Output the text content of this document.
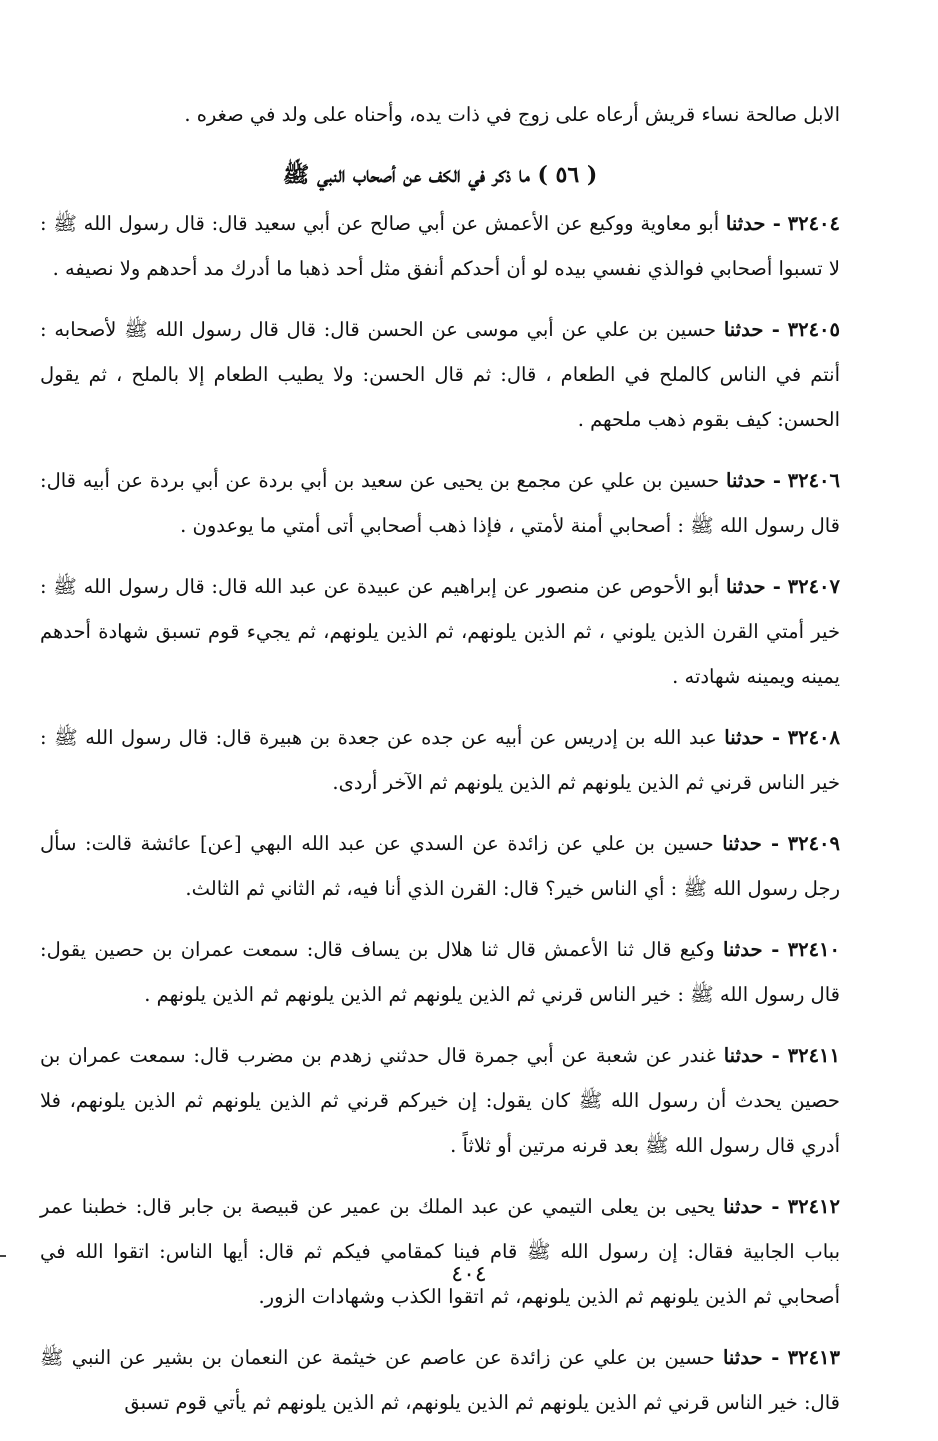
الابل صالحة نساء قريش أرعاه على زوج في ذات يده، وأحناه على ولد في صغره .

( ٥٦ ) ما ذكر في الكف عن أصحاب النبي ﷺ

٣٢٤٠٤ - حدثنا أبو معاوية ووكيع عن الأعمش عن أبي صالح عن أبي سعيد قال: قال رسول الله ﷺ : لا تسبوا أصحابي فوالذي نفسي بيده لو أن أحدكم أنفق مثل أحد ذهبا ما أدرك مد أحدهم ولا نصيفه .

٣٢٤٠٥ - حدثنا حسين بن علي عن أبي موسى عن الحسن قال: قال قال رسول الله ﷺ لأصحابه : أنتم في الناس كالملح في الطعام ، قال: ثم قال الحسن: ولا يطيب الطعام إلا بالملح ، ثم يقول الحسن: كيف بقوم ذهب ملحهم .

٣٢٤٠٦ - حدثنا حسين بن علي عن مجمع بن يحيى عن سعيد بن أبي بردة عن أبي بردة عن أبيه قال: قال رسول الله ﷺ : أصحابي أمنة لأمتي ، فإذا ذهب أصحابي أتى أمتي ما يوعدون .

٣٢٤٠٧ - حدثنا أبو الأحوص عن منصور عن إبراهيم عن عبيدة عن عبد الله قال: قال رسول الله ﷺ : خير أمتي القرن الذين يلوني ، ثم الذين يلونهم، ثم الذين يلونهم، ثم يجيء قوم تسبق شهادة أحدهم يمينه ويمينه شهادته .

٣٢٤٠٨ - حدثنا عبد الله بن إدريس عن أبيه عن جده عن جعدة بن هبيرة قال: قال رسول الله ﷺ : خير الناس قرني ثم الذين يلونهم ثم الذين يلونهم ثم الآخر أردى.

٣٢٤٠٩ - حدثنا حسين بن علي عن زائدة عن السدي عن عبد الله البهي [عن] عائشة قالت: سأل رجل رسول الله ﷺ : أي الناس خير؟ قال: القرن الذي أنا فيه، ثم الثاني ثم الثالث.

٣٢٤١٠ - حدثنا وكيع قال ثنا الأعمش قال ثنا هلال بن يساف قال: سمعت عمران بن حصين يقول: قال رسول الله ﷺ : خير الناس قرني ثم الذين يلونهم ثم الذين يلونهم ثم الذين يلونهم .

٣٢٤١١ - حدثنا غندر عن شعبة عن أبي جمرة قال حدثني زهدم بن مضرب قال: سمعت عمران بن حصين يحدث أن رسول الله ﷺ كان يقول: إن خيركم قرني ثم الذين يلونهم ثم الذين يلونهم، فلا أدري قال رسول الله ﷺ بعد قرنه مرتين أو ثلاثاً .

٣٢٤١٢ - حدثنا يحيى بن يعلى التيمي عن عبد الملك بن عمير عن قبيصة بن جابر قال: خطبنا عمر بباب الجابية فقال: إن رسول الله ﷺ قام فينا كمقامي فيكم ثم قال: أيها الناس: اتقوا الله في أصحابي ثم الذين يلونهم ثم الذين يلونهم، ثم اتقوا الكذب وشهادات الزور.

٣٢٤١٣ - حدثنا حسين بن علي عن زائدة عن عاصم عن خيثمة عن النعمان بن بشير عن النبي ﷺ قال: خير الناس قرني ثم الذين يلونهم ثم الذين يلونهم، ثم الذين يلونهم ثم يأتي قوم تسبق

٤٠٤
